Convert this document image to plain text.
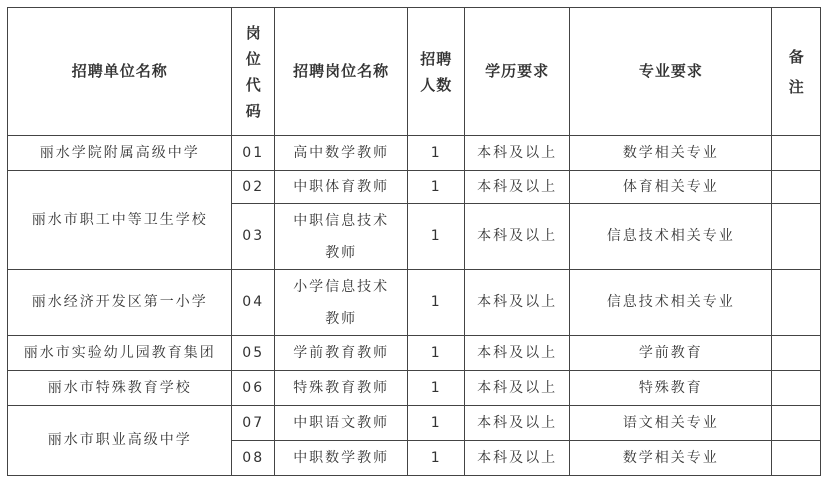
招聘单位名称	岗位代码	招聘岗位名称	招聘人数	学历要求	专业要求	备注
丽水学院附属高级中学	01	高中数学教师	1	本科及以上	数学相关专业	
丽水市职工中等卫生学校	02	中职体育教师	1	本科及以上	体育相关专业	
	03	中职信息技术教师	1	本科及以上	信息技术相关专业	
丽水经济开发区第一小学	04	小学信息技术教师	1	本科及以上	信息技术相关专业	
丽水市实验幼儿园教育集团	05	学前教育教师	1	本科及以上	学前教育	
丽水市特殊教育学校	06	特殊教育教师	1	本科及以上	特殊教育	
丽水市职业高级中学	07	中职语文教师	1	本科及以上	语文相关专业	
	08	中职数学教师	1	本科及以上	数学相关专业	
